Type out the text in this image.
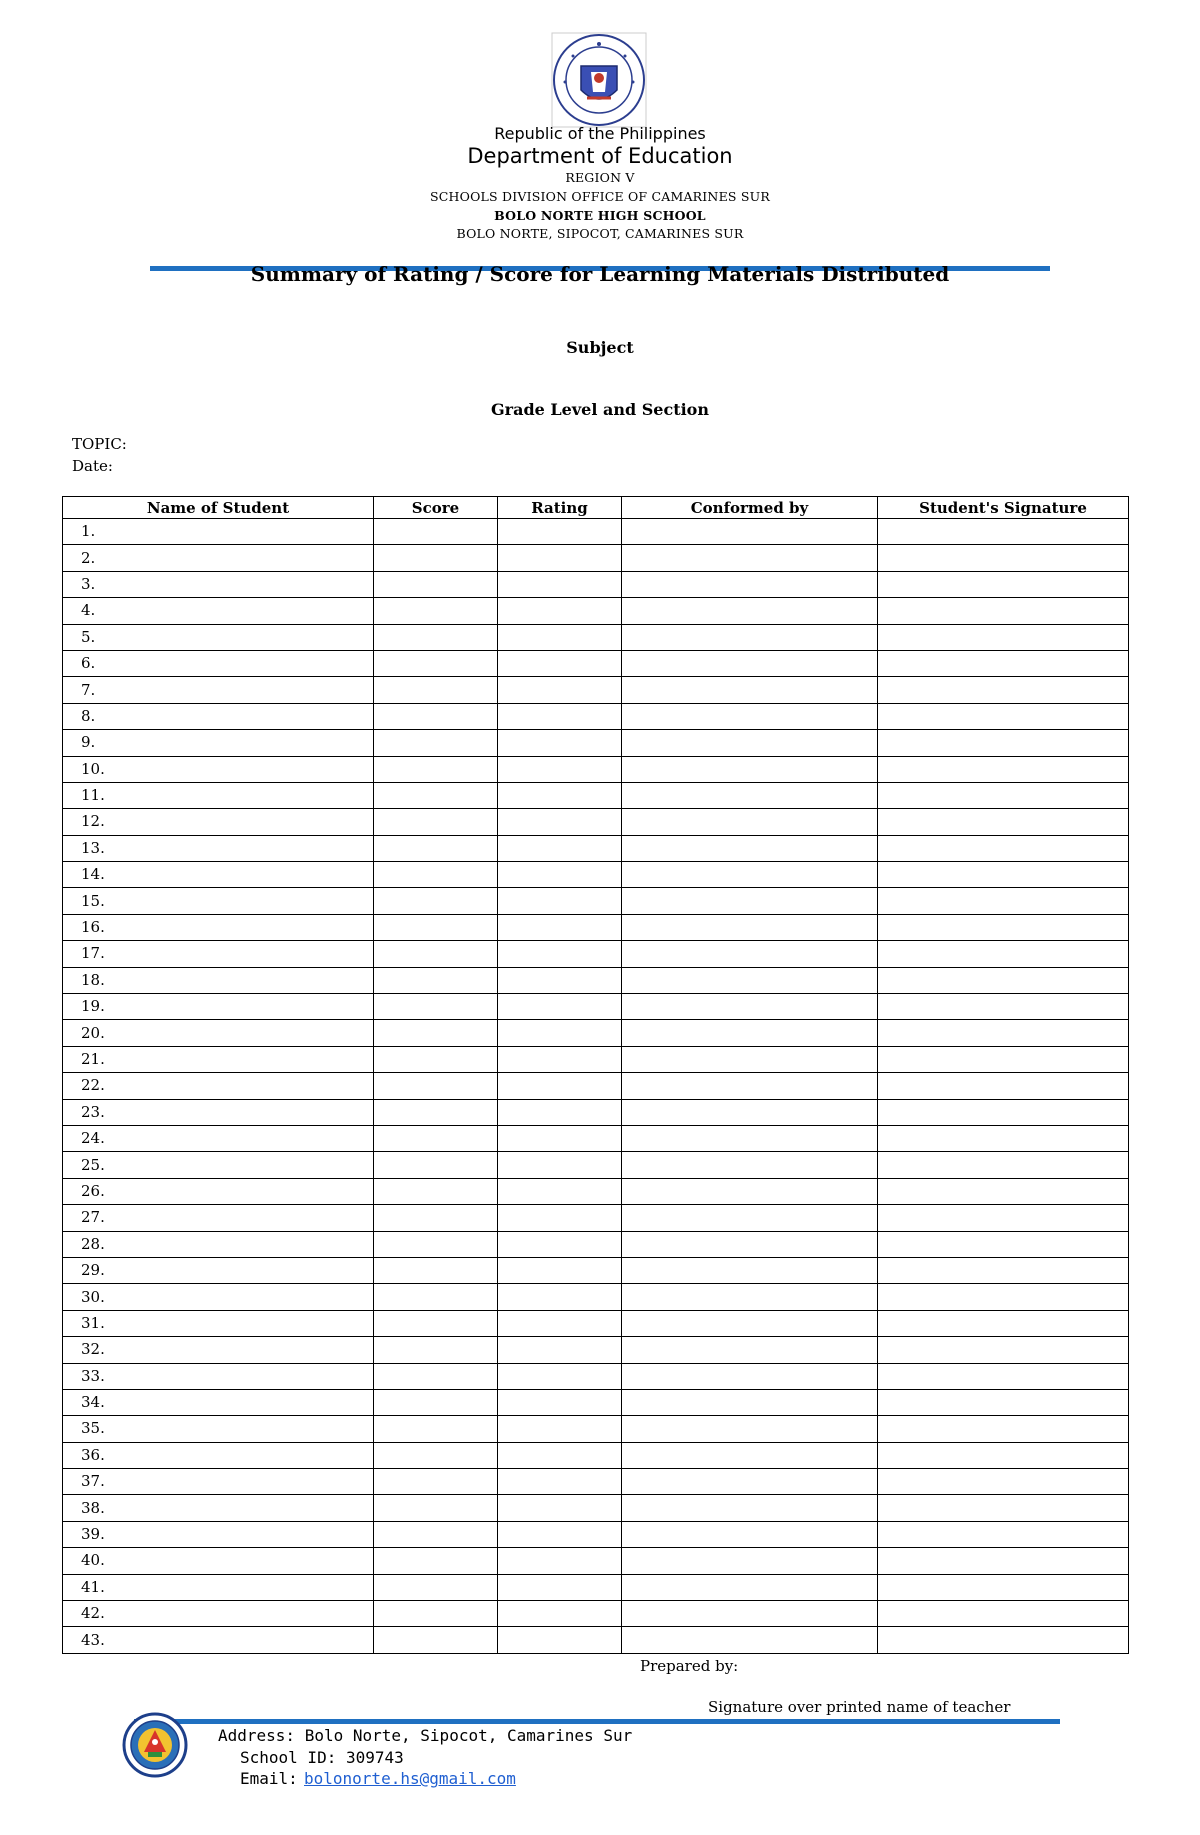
Republic of the Philippines
Department of Education
REGION V
SCHOOLS DIVISION OFFICE OF CAMARINES SUR
BOLO NORTE HIGH SCHOOL
BOLO NORTE, SIPOCOT, CAMARINES SUR
Summary of Rating / Score for Learning Materials Distributed
Subject
Grade Level and Section
TOPIC:
Date:
Name of Student	Score	Rating	Conformed by	Student's Signature
1.				
2.				
3.				
4.				
5.				
6.				
7.				
8.				
9.				
10.				
11.				
12.				
13.				
14.				
15.				
16.				
17.				
18.				
19.				
20.				
21.				
22.				
23.				
24.				
25.				
26.				
27.				
28.				
29.				
30.				
31.				
32.				
33.				
34.				
35.				
36.				
37.				
38.				
39.				
40.				
41.				
42.				
43.				
Prepared by:
Signature over printed name of teacher
Address: Bolo Norte, Sipocot, Camarines Sur
School ID: 309743
Email: bolonorte.hs@gmail.com
